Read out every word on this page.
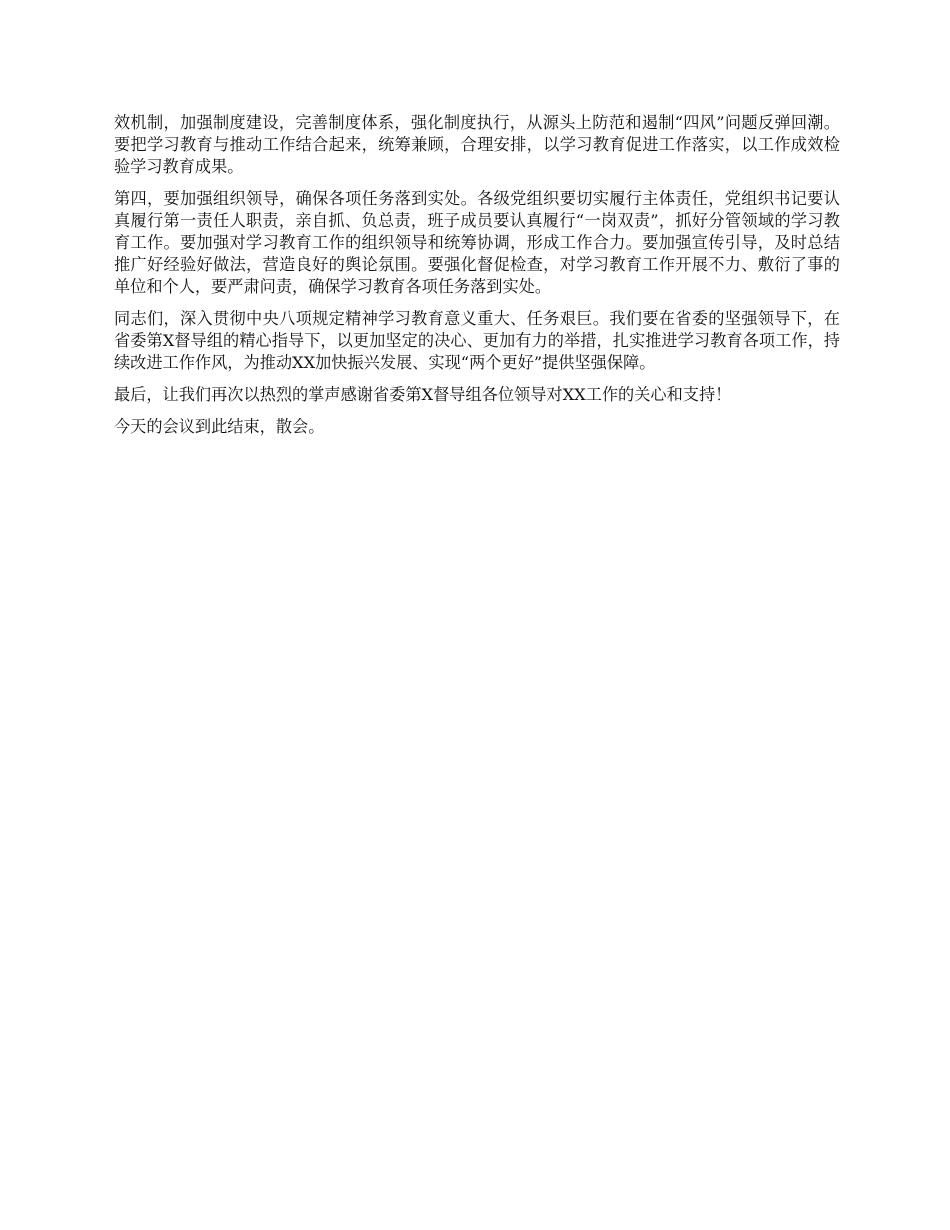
效机制，加强制度建设，完善制度体系，强化制度执行，从源头上防范和遏制“四风”问题反弹回潮。要把学习教育与推动工作结合起来，统筹兼顾，合理安排，以学习教育促进工作落实，以工作成效检验学习教育成果。

第四，要加强组织领导，确保各项任务落到实处。各级党组织要切实履行主体责任，党组织书记要认真履行第一责任人职责，亲自抓、负总责，班子成员要认真履行“一岗双责”，抓好分管领域的学习教育工作。要加强对学习教育工作的组织领导和统筹协调，形成工作合力。要加强宣传引导，及时总结推广好经验好做法，营造良好的舆论氛围。要强化督促检查，对学习教育工作开展不力、敷衍了事的单位和个人，要严肃问责，确保学习教育各项任务落到实处。

同志们，深入贯彻中央八项规定精神学习教育意义重大、任务艰巨。我们要在省委的坚强领导下，在省委第X督导组的精心指导下，以更加坚定的决心、更加有力的举措，扎实推进学习教育各项工作，持续改进工作作风，为推动XX加快振兴发展、实现“两个更好”提供坚强保障。

最后，让我们再次以热烈的掌声感谢省委第X督导组各位领导对XX工作的关心和支持！

今天的会议到此结束，散会。
